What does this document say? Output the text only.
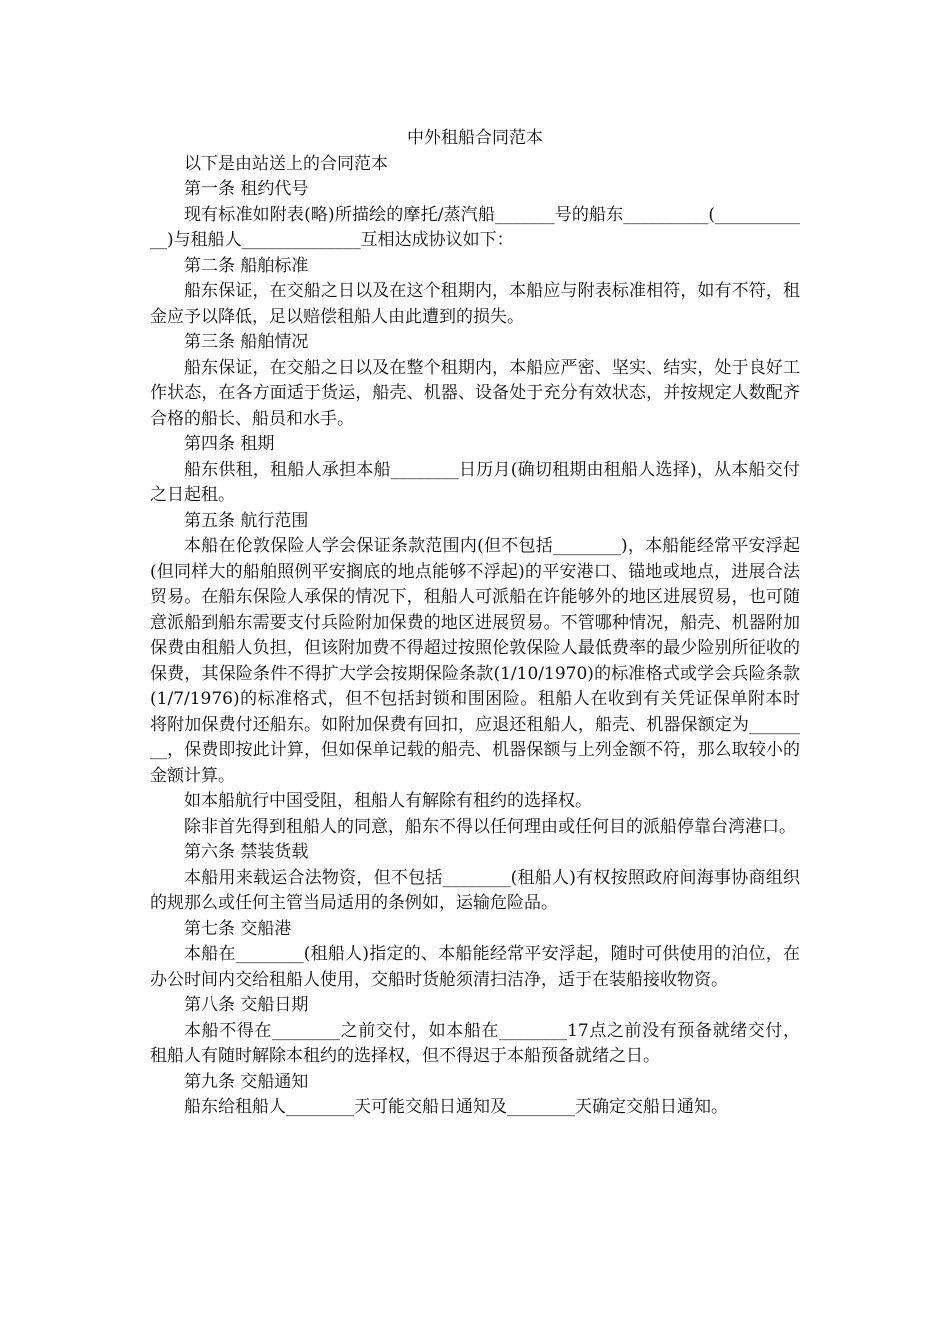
中外租船合同范本

以下是由站送上的合同范本

第一条 租约代号

现有标准如附表(略)所描绘的摩托/蒸汽船_______号的船东__________(____________)与租船人______________互相达成协议如下：

第二条 船舶标准

船东保证，在交船之日以及在这个租期内，本船应与附表标准相符，如有不符，租金应予以降低，足以赔偿租船人由此遭到的损失。

第三条 船舶情况

船东保证，在交船之日以及在整个租期内，本船应严密、坚实、结实，处于良好工作状态，在各方面适于货运，船壳、机器、设备处于充分有效状态，并按规定人数配齐合格的船长、船员和水手。

第四条 租期

船东供租，租船人承担本船________日历月(确切租期由租船人选择)，从本船交付之日起租。

第五条 航行范围

本船在伦敦保险人学会保证条款范围内(但不包括________)，本船能经常平安浮起(但同样大的船舶照例平安搁底的地点能够不浮起)的平安港口、锚地或地点，进展合法贸易。在船东保险人承保的情况下，租船人可派船在许能够外的地区进展贸易，也可随意派船到船东需要支付兵险附加保费的地区进展贸易。不管哪种情况，船壳、机器附加保费由租船人负担，但该附加费不得超过按照伦敦保险人最低费率的最少险别所征收的保费，其保险条件不得扩大学会按期保险条款(1/10/1970)的标准格式或学会兵险条款(1/7/1976)的标准格式，但不包括封锁和围困险。租船人在收到有关凭证保单附本时将附加保费付还船东。如附加保费有回扣，应退还租船人，船壳、机器保额定为________，保费即按此计算，但如保单记载的船壳、机器保额与上列金额不符，那么取较小的金额计算。

如本船航行中国受阻，租船人有解除有租约的选择权。

除非首先得到租船人的同意，船东不得以任何理由或任何目的派船停靠台湾港口。

第六条 禁装货载

本船用来载运合法物资，但不包括________(租船人)有权按照政府间海事协商组织的规那么或任何主管当局适用的条例如，运输危险品。

第七条 交船港

本船在________(租船人)指定的、本船能经常平安浮起，随时可供使用的泊位，在办公时间内交给租船人使用，交船时货舱须清扫洁净，适于在装船接收物资。

第八条 交船日期

本船不得在________之前交付，如本船在________17点之前没有预备就绪交付，租船人有随时解除本租约的选择权，但不得迟于本船预备就绪之日。

第九条 交船通知

船东给租船人________天可能交船日通知及________天确定交船日通知。
